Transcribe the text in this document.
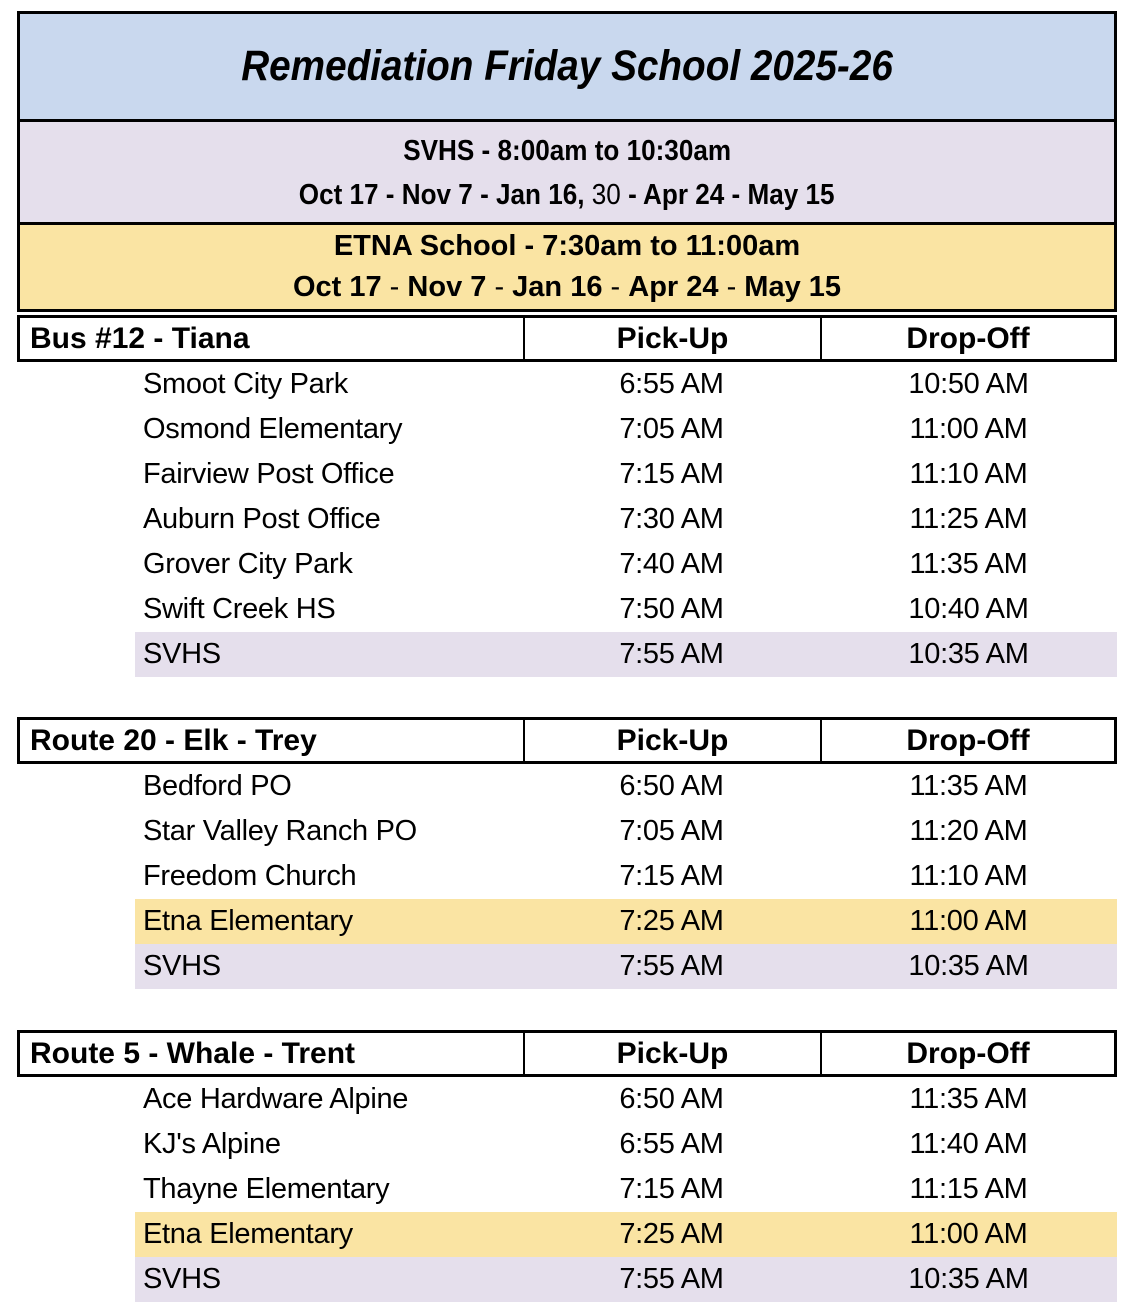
Remediation Friday School 2025-26
SVHS - 8:00am to 10:30am
Oct 17 - Nov 7 - Jan 16, 30 - Apr 24 - May 15
ETNA School - 7:30am to 11:00am
Oct 17 - Nov 7 - Jan 16 - Apr 24 - May 15
Bus #12 - Tiana	Pick-Up	Drop-Off
Smoot City Park	6:55 AM	10:50 AM
Osmond Elementary	7:05 AM	11:00 AM
Fairview Post Office	7:15 AM	11:10 AM
Auburn Post Office	7:30 AM	11:25 AM
Grover City Park	7:40 AM	11:35 AM
Swift Creek HS	7:50 AM	10:40 AM
SVHS	7:55 AM	10:35 AM
Route 20 - Elk - Trey	Pick-Up	Drop-Off
Bedford PO	6:50 AM	11:35 AM
Star Valley Ranch PO	7:05 AM	11:20 AM
Freedom Church	7:15 AM	11:10 AM
Etna Elementary	7:25 AM	11:00 AM
SVHS	7:55 AM	10:35 AM
Route 5 - Whale - Trent	Pick-Up	Drop-Off
Ace Hardware Alpine	6:50 AM	11:35 AM
KJ's Alpine	6:55 AM	11:40 AM
Thayne Elementary	7:15 AM	11:15 AM
Etna Elementary	7:25 AM	11:00 AM
SVHS	7:55 AM	10:35 AM
